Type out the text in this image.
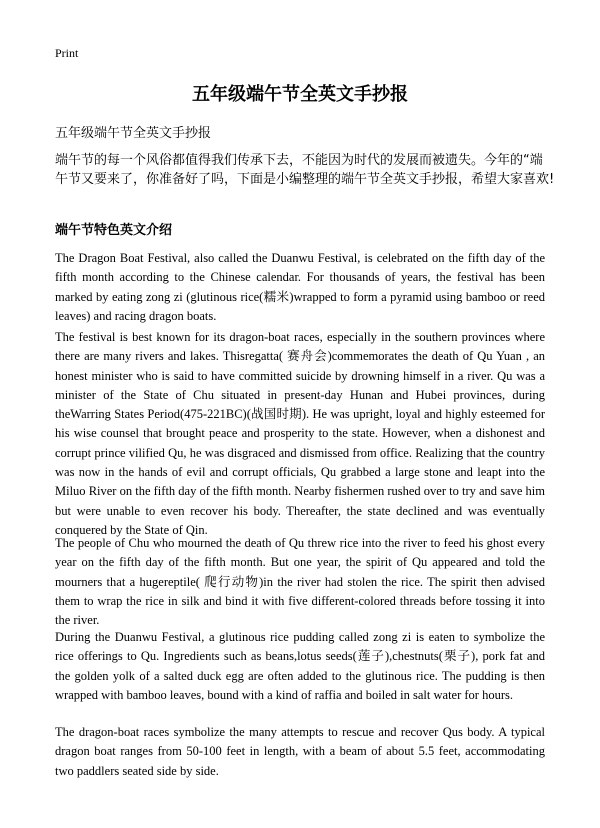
Print
五年级端午节全英文手抄报

五年级端午节全英文手抄报

端午节的每一个风俗都值得我们传承下去，不能因为时代的发展而被遗失。今年的“端午节又要来了，你准备好了吗，下面是小编整理的端午节全英文手抄报，希望大家喜欢!

端午节特色英文介绍

The Dragon Boat Festival, also called the Duanwu Festival, is celebrated on the fifth day of the fifth month according to the Chinese calendar. For thousands of years, the festival has been marked by eating zong zi (glutinous rice(糯米)wrapped to form a pyramid using bamboo or reed leaves) and racing dragon boats.

The festival is best known for its dragon-boat races, especially in the southern provinces where there are many rivers and lakes. Thisregatta( 赛舟会)commemorates the death of Qu Yuan , an honest minister who is said to have committed suicide by drowning himself in a river. Qu was a minister of the State of Chu situated in present-day Hunan and Hubei provinces, during theWarring States Period(475-221BC)(战国时期). He was upright, loyal and highly esteemed for his wise counsel that brought peace and prosperity to the state. However, when a dishonest and corrupt prince vilified Qu, he was disgraced and dismissed from office. Realizing that the country was now in the hands of evil and corrupt officials, Qu grabbed a large stone and leapt into the Miluo River on the fifth day of the fifth month. Nearby fishermen rushed over to try and save him but were unable to even recover his body. Thereafter, the state declined and was eventually conquered by the State of Qin.

The people of Chu who mourned the death of Qu threw rice into the river to feed his ghost every year on the fifth day of the fifth month. But one year, the spirit of Qu appeared and told the mourners that a hugereptile( 爬行动物)in the river had stolen the rice. The spirit then advised them to wrap the rice in silk and bind it with five different-colored threads before tossing it into the river.

During the Duanwu Festival, a glutinous rice pudding called zong zi is eaten to symbolize the rice offerings to Qu. Ingredients such as beans,lotus seeds(莲子),chestnuts(栗子), pork fat and the golden yolk of a salted duck egg are often added to the glutinous rice. The pudding is then wrapped with bamboo leaves, bound with a kind of raffia and boiled in salt water for hours.

The dragon-boat races symbolize the many attempts to rescue and recover Qus body. A typical dragon boat ranges from 50-100 feet in length, with a beam of about 5.5 feet, accommodating two paddlers seated side by side.
